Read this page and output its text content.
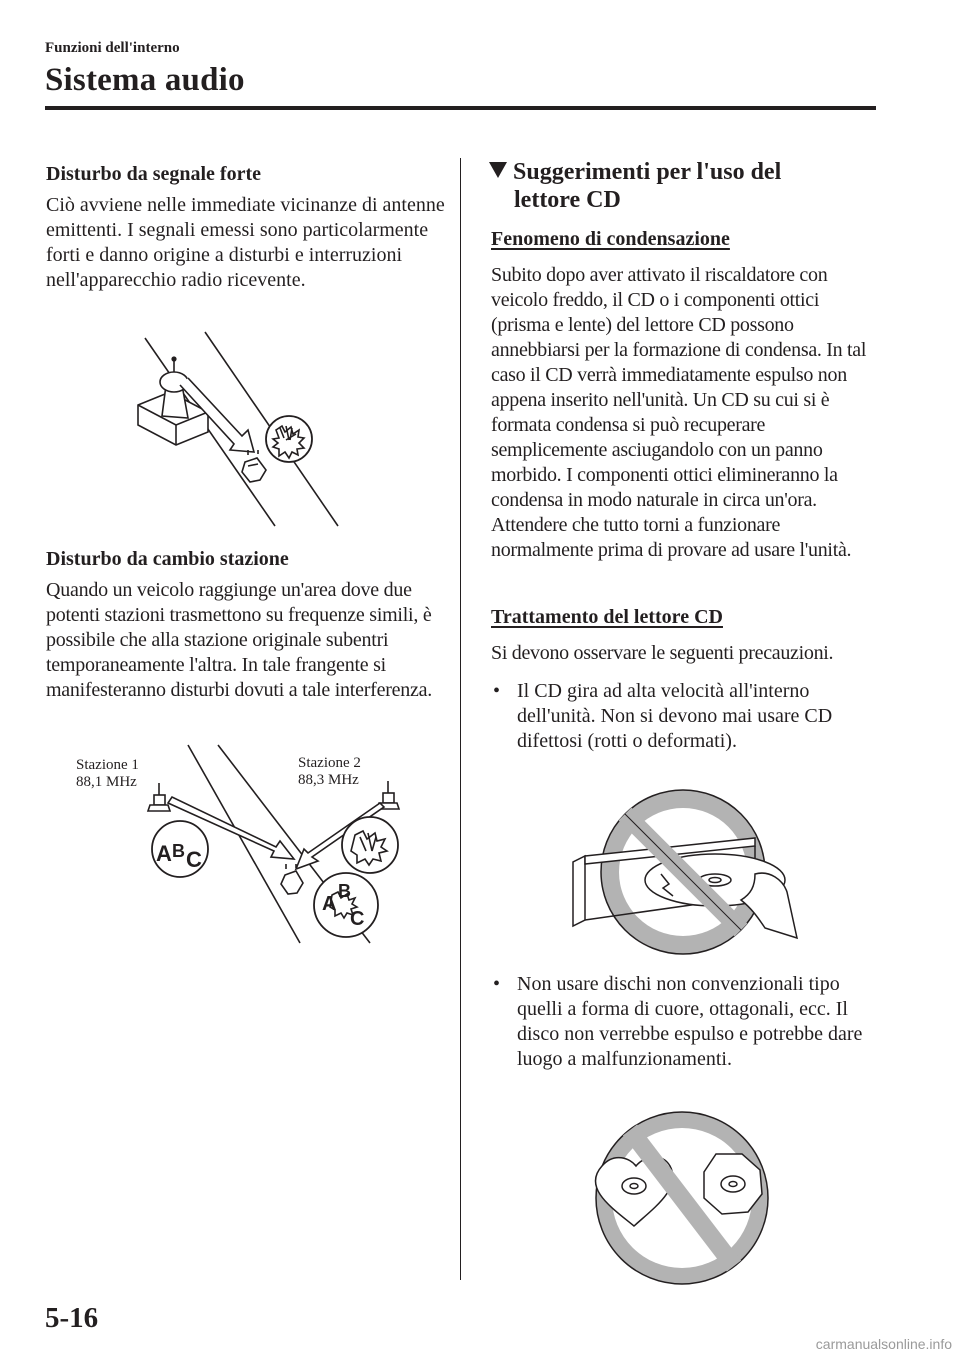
Funzioni dell'interno
Sistema audio
Disturbo da segnale forte

Ciò avviene nelle immediate vicinanze di antenne emittenti. I segnali emessi sono particolarmente forti e danno origine a disturbi e interruzioni nell'apparecchio radio ricevente.

Disturbo da cambio stazione

Quando un veicolo raggiunge un'area dove due potenti stazioni trasmettono su frequenze simili, è possibile che alla stazione originale subentri temporaneamente l'altra. In tale frangente si manifesteranno disturbi dovuti a tale interferenza.

A B C
A
B
C
Stazione 1
88,1 MHz
Stazione 2
88,3 MHz
Suggerimenti per l'uso del
lettore CD
Fenomeno di condensazione

Subito dopo aver attivato il riscaldatore con veicolo freddo, il CD o i componenti ottici (prisma e lente) del lettore CD possono annebbiarsi per la formazione di condensa. In tal caso il CD verrà immediatamente espulso non appena inserito nell'unità. Un CD su cui si è formata condensa si può recuperare semplicemente asciugandolo con un panno morbido. I componenti ottici elimineranno la condensa in modo naturale in circa un'ora. Attendere che tutto torni a funzionare normalmente prima di provare ad usare l'unità.

Trattamento del lettore CD

Si devono osservare le seguenti precauzioni.

• Il CD gira ad alta velocità all'interno dell'unità. Non si devono mai usare CD difettosi (rotti o deformati).

• Non usare dischi non convenzionali tipo quelli a forma di cuore, ottagonali, ecc. Il disco non verrebbe espulso e potrebbe dare luogo a malfunzionamenti.

5-16
carmanualsonline.info
